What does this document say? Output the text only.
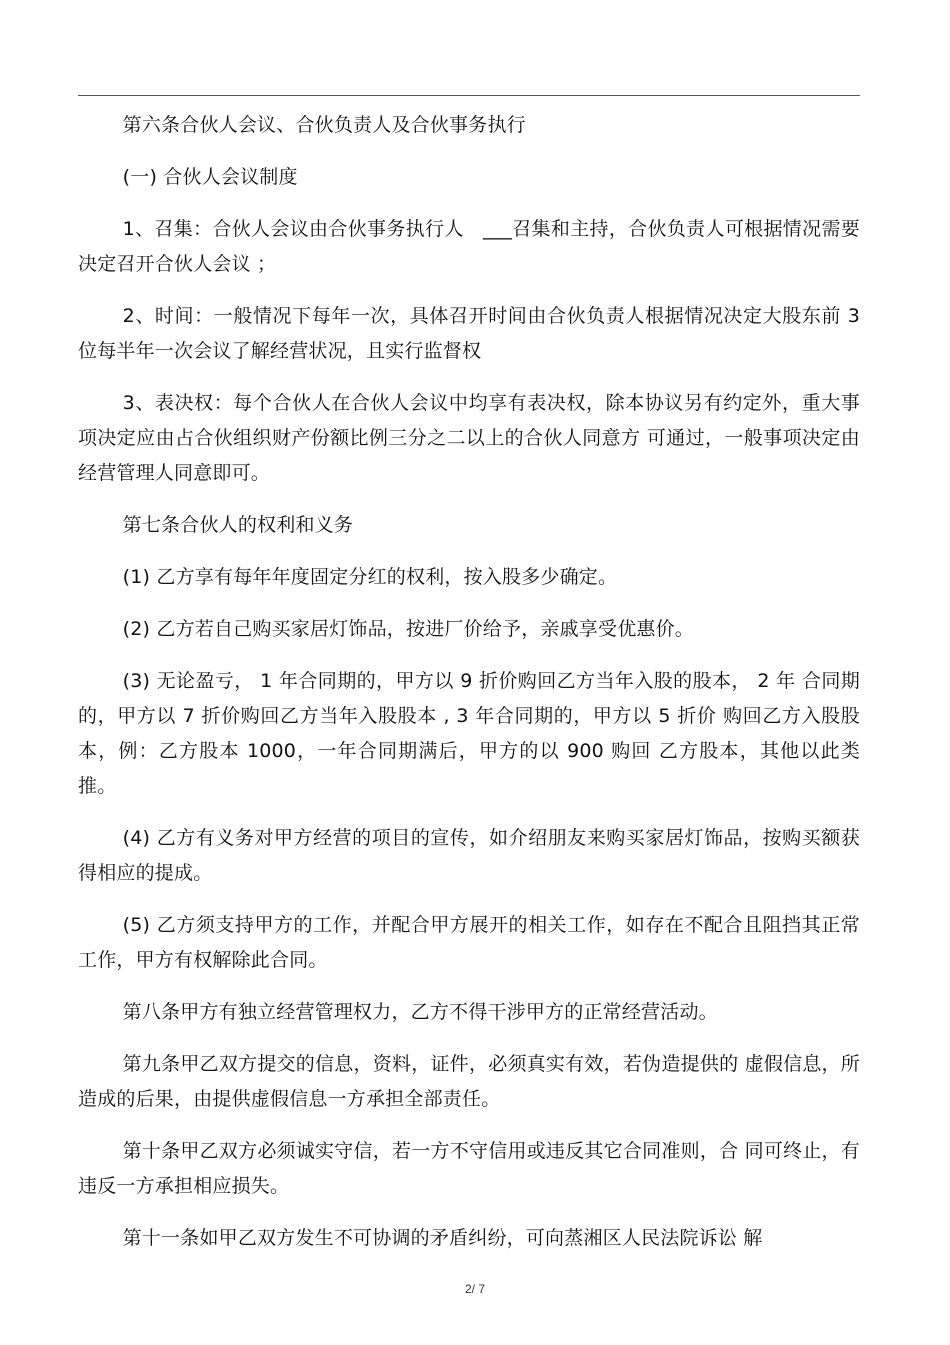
第六条合伙人会议、合伙负责人及合伙事务执行

(一) 合伙人会议制度

1、召集：合伙人会议由合伙事务执行人　___召集和主持，合伙负责人可根据情况需要决定召开合伙人会议 ；

2、时间：一般情况下每年一次，具体召开时间由合伙负责人根据情况决定大股东前 3 位每半年一次会议了解经营状况，且实行监督权

3、表决权：每个合伙人在合伙人会议中均享有表决权，除本协议另有约定外，重大事项决定应由占合伙组织财产份额比例三分之二以上的合伙人同意方 可通过，一般事项决定由经营管理人同意即可。

第七条合伙人的权利和义务

(1) 乙方享有每年年度固定分红的权利，按入股多少确定。

(2) 乙方若自己购买家居灯饰品，按进厂价给予，亲戚享受优惠价。

(3) 无论盈亏， 1 年合同期的，甲方以 9 折价购回乙方当年入股的股本， 2 年 合同期的，甲方以 7 折价购回乙方当年入股股本 , 3 年合同期的，甲方以 5 折价 购回乙方入股股本，例：乙方股本 1000，一年合同期满后，甲方的以 900 购回 乙方股本，其他以此类推。

(4) 乙方有义务对甲方经营的项目的宣传，如介绍朋友来购买家居灯饰品，按购买额获得相应的提成。

(5) 乙方须支持甲方的工作，并配合甲方展开的相关工作，如存在不配合且阻挡其正常工作，甲方有权解除此合同。

第八条甲方有独立经营管理权力，乙方不得干涉甲方的正常经营活动。

第九条甲乙双方提交的信息，资料，证件，必须真实有效，若伪造提供的 虚假信息，所造成的后果，由提供虚假信息一方承担全部责任。

第十条甲乙双方必须诚实守信，若一方不守信用或违反其它合同准则，合 同可终止，有违反一方承担相应损失。

第十一条如甲乙双方发生不可协调的矛盾纠纷，可向蒸湘区人民法院诉讼 解

2/ 7
